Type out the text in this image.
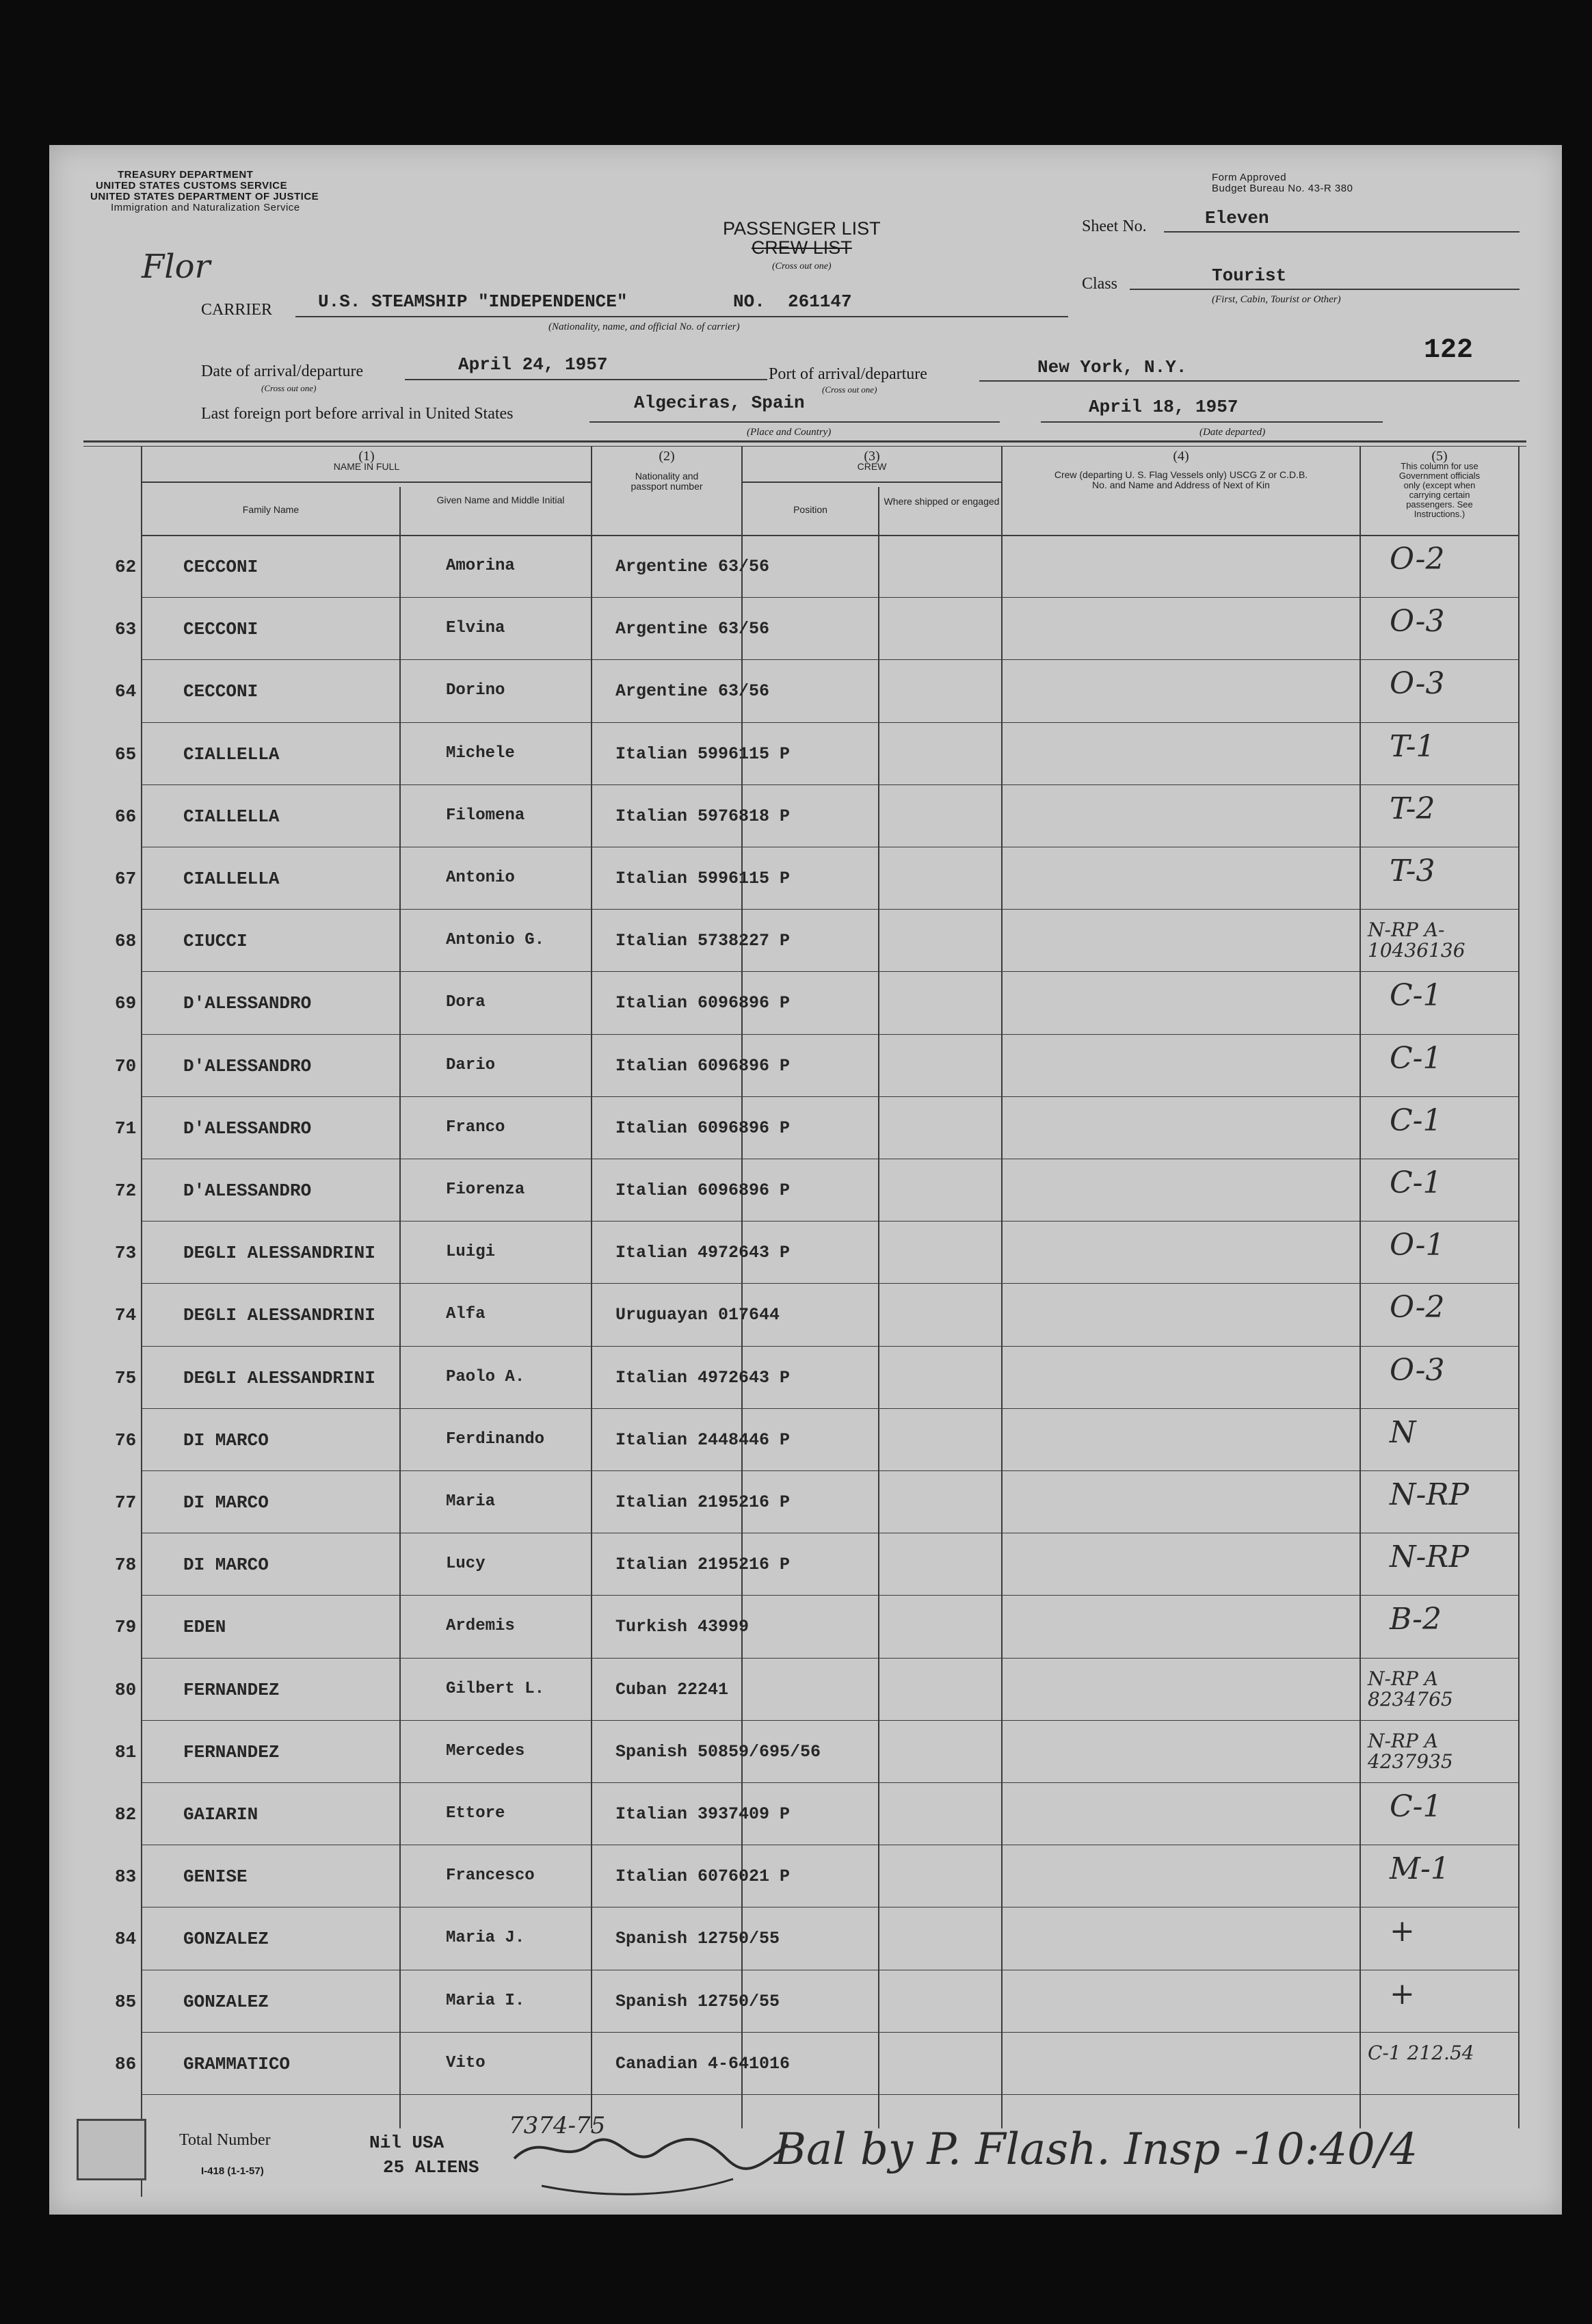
TREASURY DEPARTMENT
UNITED STATES CUSTOMS SERVICE
UNITED STATES DEPARTMENT OF JUSTICE
Immigration and Naturalization Service
Form Approved
Budget Bureau No. 43-R 380
PASSENGER LIST
CREW LIST
(Cross out one)
Flor
Sheet No.	Eleven
Class	Tourist
(First, Cabin, Tourist or Other)
CARRIER	U.S. STEAMSHIP "INDEPENDENCE"	NO. 261147
(Nationality, name, and official No. of carrier)
122
Date of arrival/departure
(Cross out one)
April 24, 1957	Port of arrival/departure
(Cross out one)
New York, N.Y.
Last foreign port before arrival in United States
Algeciras, Spain
(Place and Country)
April 18, 1957
(Date departed)
(1)
NAME IN FULL
Family Name
Given Name and Middle Initial
(2)
Nationality and passport number
(3)
CREW
Position
Where shipped or engaged
(4)
Crew (departing U. S. Flag Vessels only) USCG Z or C.D.B. No. and Name and Address of Next of Kin
(5)
This column for use Government officials only (except when carrying certain passengers. See Instructions.)
62	CECCONI	Amorina	Argentine 63/56	O-2
63	CECCONI	Elvina	Argentine 63/56	O-3
64	CECCONI	Dorino	Argentine 63/56	O-3
65	CIALLELLA	Michele	Italian 5996115 P	T-1
66	CIALLELLA	Filomena	Italian 5976818 P	T-2
67	CIALLELLA	Antonio	Italian 5996115 P	T-3
68	CIUCCI	Antonio G.	Italian 5738227 P	N-RP A-10436136
69	D'ALESSANDRO	Dora	Italian 6096896 P	C-1
70	D'ALESSANDRO	Dario	Italian 6096896 P	C-1
71	D'ALESSANDRO	Franco	Italian 6096896 P	C-1
72	D'ALESSANDRO	Fiorenza	Italian 6096896 P	C-1
73	DEGLI ALESSANDRINI	Luigi	Italian 4972643 P	O-1
74	DEGLI ALESSANDRINI	Alfa	Uruguayan 017644	O-2
75	DEGLI ALESSANDRINI	Paolo A.	Italian 4972643 P	O-3
76	DI MARCO	Ferdinando	Italian 2448446 P	N
77	DI MARCO	Maria	Italian 2195216 P	N-RP
78	DI MARCO	Lucy	Italian 2195216 P	N-RP
79	EDEN	Ardemis	Turkish 43999	B-2
80	FERNANDEZ	Gilbert L.	Cuban 22241	N-RP A 8234765
81	FERNANDEZ	Mercedes	Spanish 50859/695/56	N-RP A 4237935
82	GAIARIN	Ettore	Italian 3937409 P	C-1
83	GENISE	Francesco	Italian 6076021 P	M-1
84	GONZALEZ	Maria J.	Spanish 12750/55	+
85	GONZALEZ	Maria I.	Spanish 12750/55	+
86	GRAMMATICO	Vito	Canadian 4-641016	C-1 212.54
Total Number
I-418 (1-1-57)
Nil USA
25 ALIENS
7374-75	Bal by P. Flash. Insp -10:40/4
